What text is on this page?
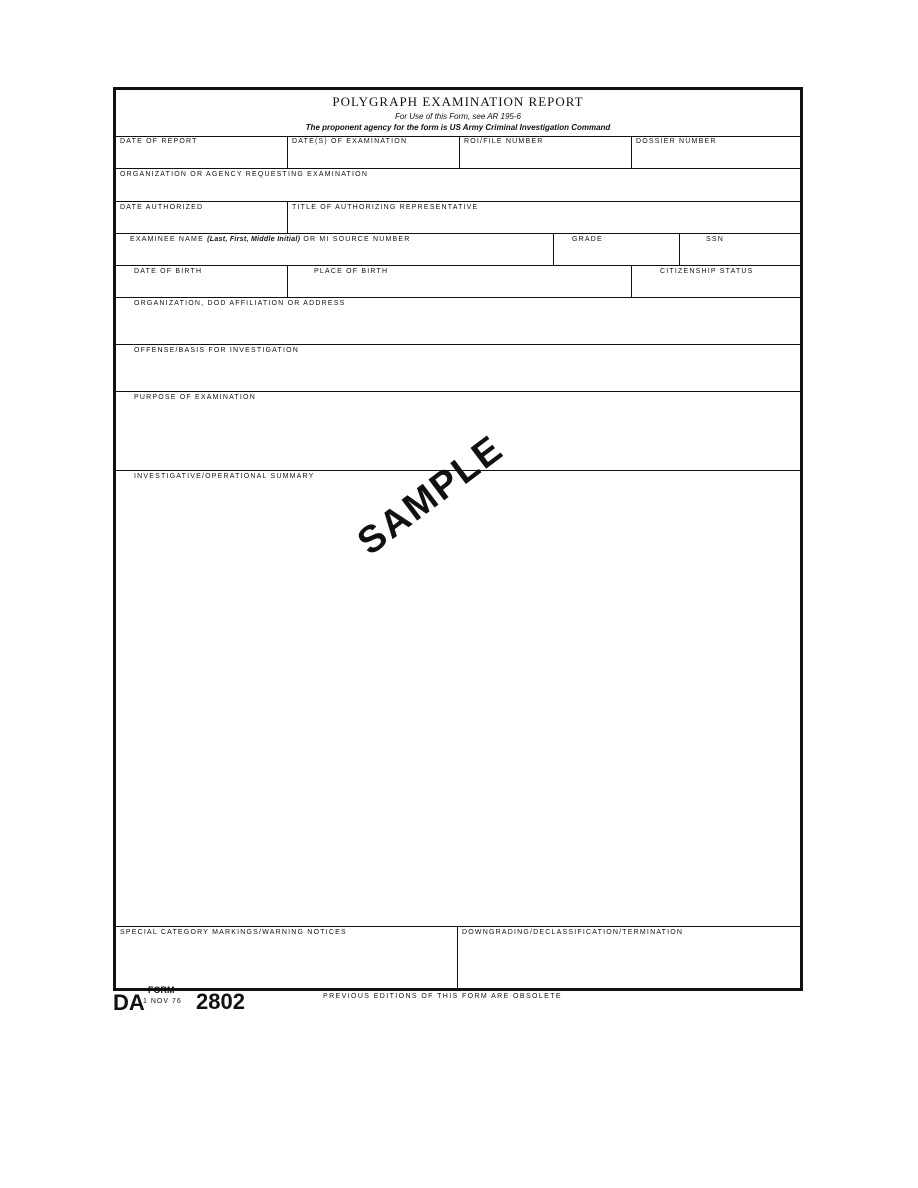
POLYGRAPH EXAMINATION REPORT
For Use of this Form, see AR 195-6
The proponent agency for the form is US Army Criminal Investigation Command
DATE OF REPORT	DATE(S) OF EXAMINATION	ROI/FILE NUMBER	DOSSIER NUMBER
ORGANIZATION OR AGENCY REQUESTING EXAMINATION
DATE AUTHORIZED	TITLE OF AUTHORIZING REPRESENTATIVE
EXAMINEE NAME (Last, First, Middle Initial) OR MI SOURCE NUMBER	GRADE	SSN
DATE OF BIRTH	PLACE OF BIRTH	CITIZENSHIP STATUS
ORGANIZATION, DOD AFFILIATION OR ADDRESS
OFFENSE/BASIS FOR INVESTIGATION
PURPOSE OF EXAMINATION
INVESTIGATIVE/OPERATIONAL SUMMARY
SPECIAL CATEGORY MARKINGS/WARNING NOTICES	DOWNGRADING/DECLASSIFICATION/TERMINATION
SAMPLE
DA FORM
1 NOV 76 2802	PREVIOUS EDITIONS OF THIS FORM ARE OBSOLETE
